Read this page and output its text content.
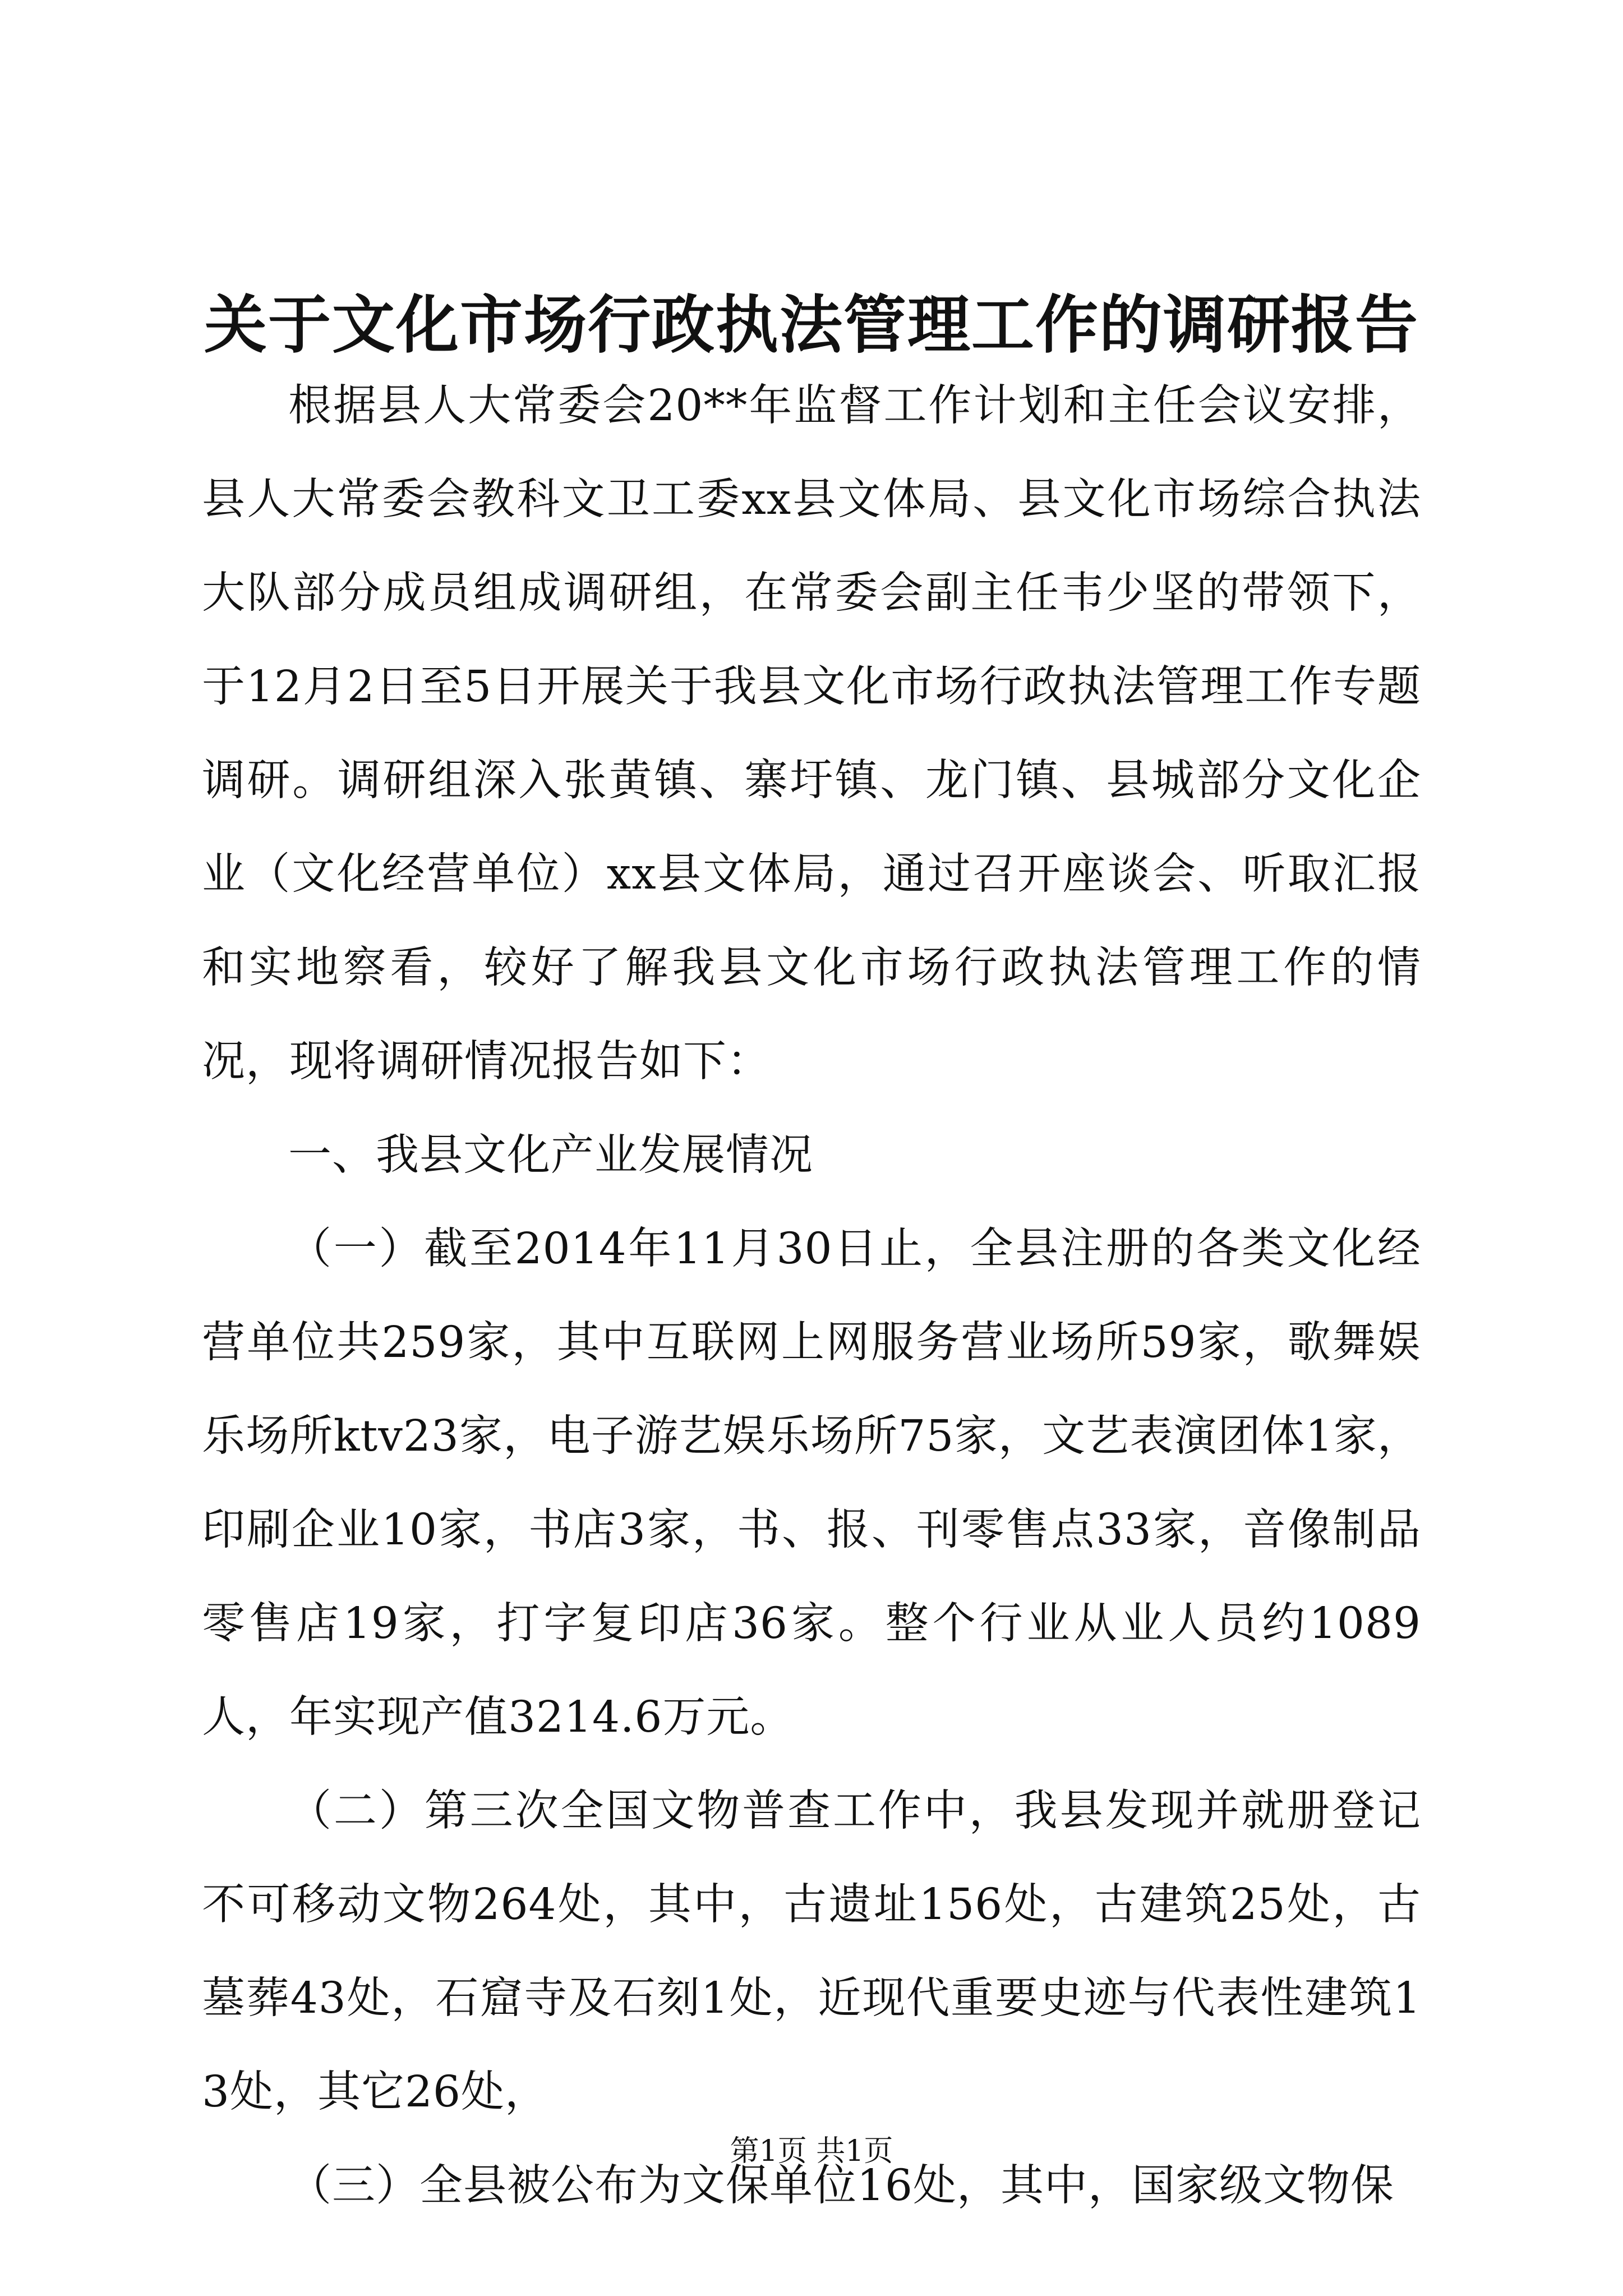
关于文化市场行政执法管理工作的调研报告

根据县人大常委会20**年监督工作计划和主任会议安排，县人大常委会教科文卫工委xx县文体局、县文化市场综合执法大队部分成员组成调研组，在常委会副主任韦少坚的带领下，于12月2日至5日开展关于我县文化市场行政执法管理工作专题调研。调研组深入张黄镇、寨圩镇、龙门镇、县城部分文化企业（文化经营单位）xx县文体局，通过召开座谈会、听取汇报和实地察看，较好了解我县文化市场行政执法管理工作的情况，现将调研情况报告如下：

一、我县文化产业发展情况

（一）截至2014年11月30日止，全县注册的各类文化经营单位共259家，其中互联网上网服务营业场所59家，歌舞娱乐场所ktv23家，电子游艺娱乐场所75家，文艺表演团体1家，印刷企业10家，书店3家，书、报、刊零售点33家，音像制品零售店19家，打字复印店36家。整个行业从业人员约1089人，年实现产值3214.6万元。

（二）第三次全国文物普查工作中，我县发现并就册登记不可移动文物264处，其中，古遗址156处，古建筑25处，古墓葬43处，石窟寺及石刻1处，近现代重要史迹与代表性建筑13处，其它26处，

（三）全县被公布为文保单位16处，其中，国家级文物保

第1页 共1页
